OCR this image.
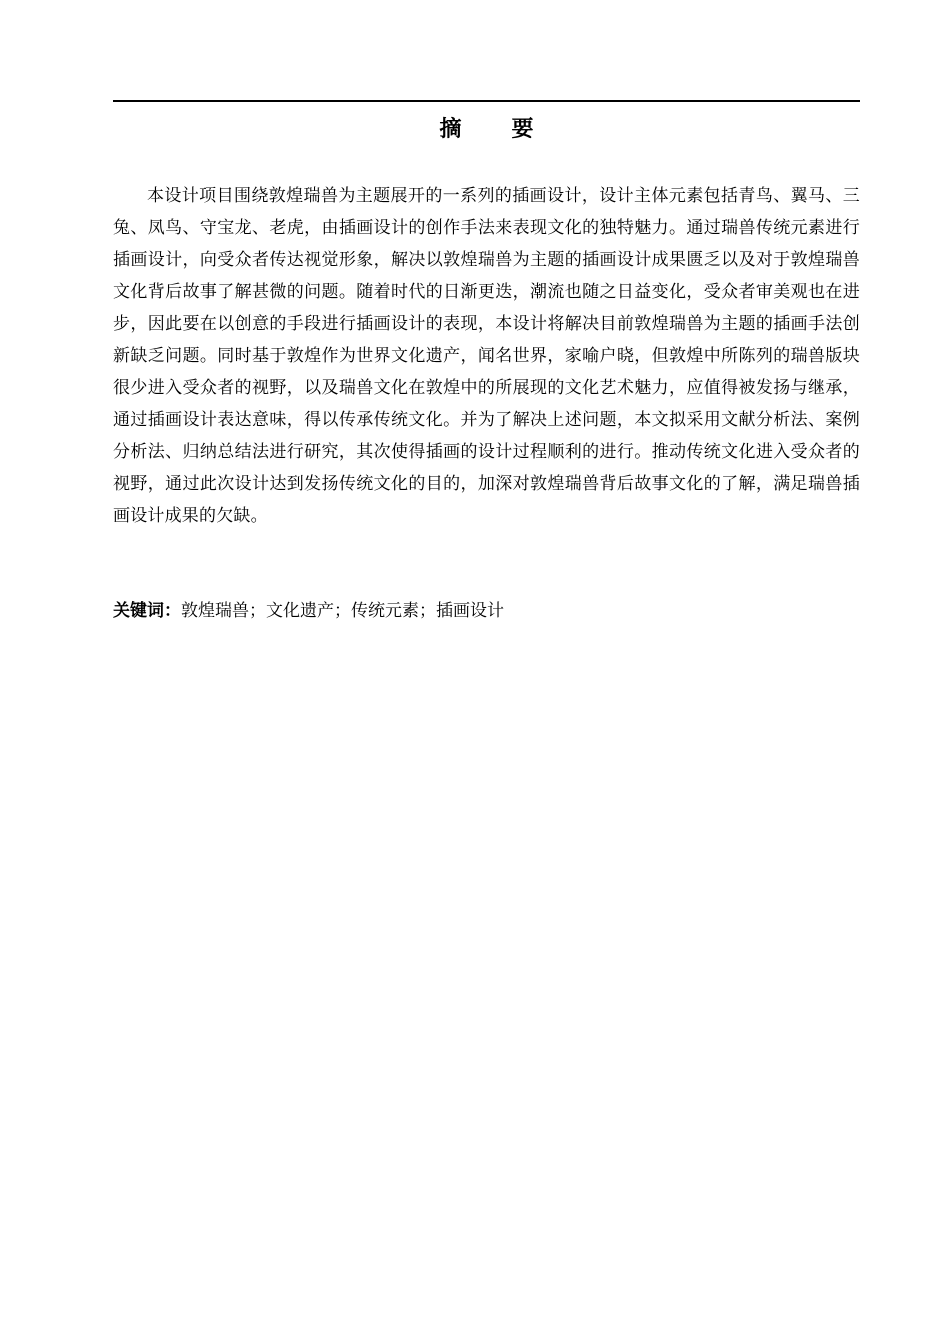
摘 要

本设计项目围绕敦煌瑞兽为主题展开的一系列的插画设计，设计主体元素包括青鸟、翼马、三兔、凤鸟、守宝龙、老虎，由插画设计的创作手法来表现文化的独特魅力。通过瑞兽传统元素进行插画设计，向受众者传达视觉形象，解决以敦煌瑞兽为主题的插画设计成果匮乏以及对于敦煌瑞兽文化背后故事了解甚微的问题。随着时代的日渐更迭，潮流也随之日益变化，受众者审美观也在进步，因此要在以创意的手段进行插画设计的表现，本设计将解决目前敦煌瑞兽为主题的插画手法创新缺乏问题。同时基于敦煌作为世界文化遗产，闻名世界，家喻户晓，但敦煌中所陈列的瑞兽版块很少进入受众者的视野，以及瑞兽文化在敦煌中的所展现的文化艺术魅力，应值得被发扬与继承，通过插画设计表达意味，得以传承传统文化。并为了解决上述问题，本文拟采用文献分析法、案例分析法、归纳总结法进行研究，其次使得插画的设计过程顺利的进行。推动传统文化进入受众者的视野，通过此次设计达到发扬传统文化的目的，加深对敦煌瑞兽背后故事文化的了解，满足瑞兽插画设计成果的欠缺。

关键词：敦煌瑞兽；文化遗产；传统元素；插画设计
